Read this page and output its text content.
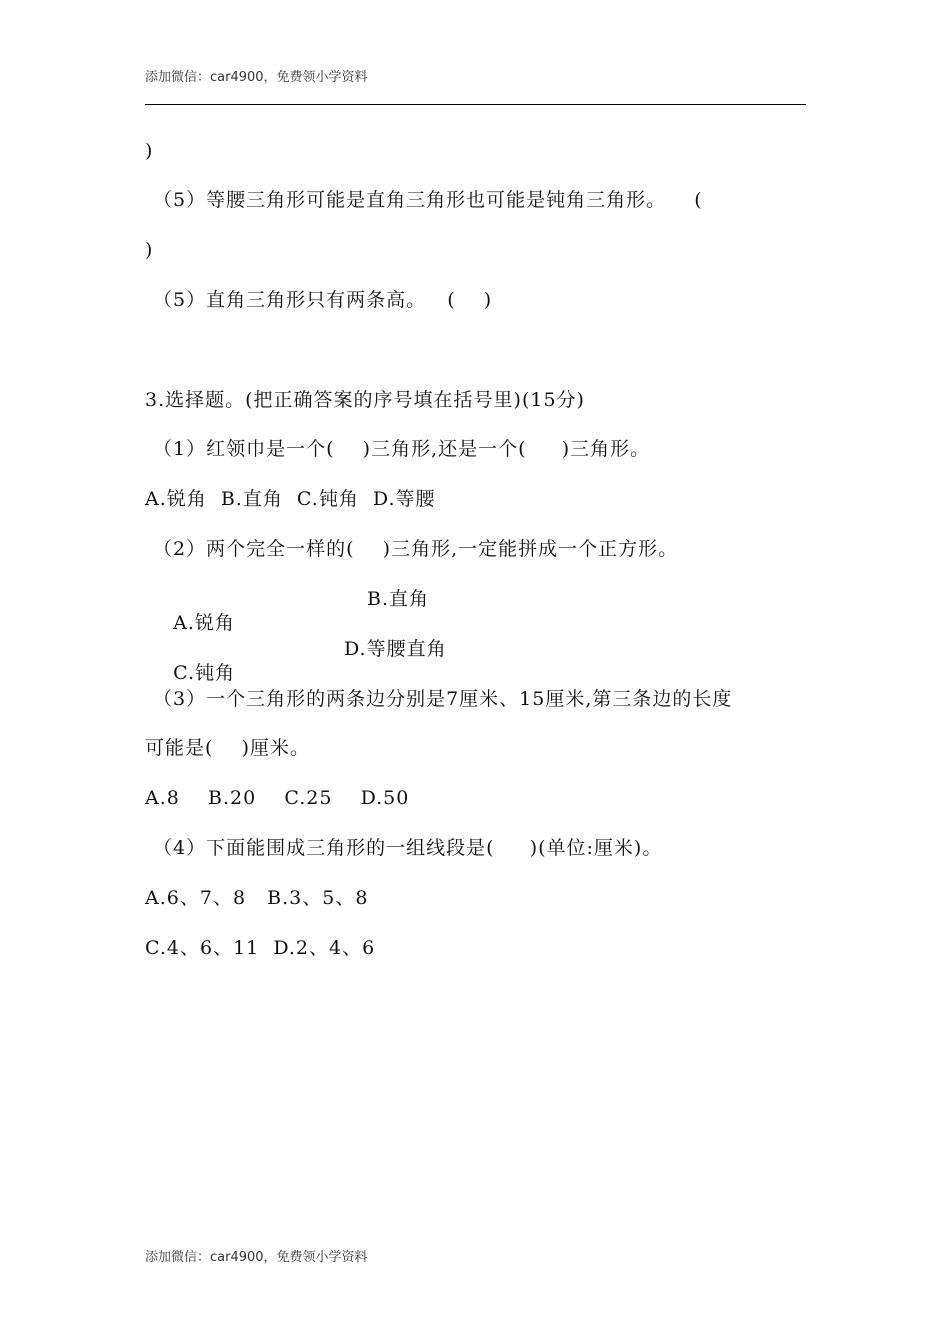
添加微信：car4900，免费领小学资料
)
（5）等腰三角形可能是直角三角形也可能是钝角三角形。    (
)
（5）直角三角形只有两条高。   (    )
3.选择题。(把正确答案的序号填在括号里)(15分)
（1）红领巾是一个(    )三角形,还是一个(     )三角形。
A.锐角  B.直角  C.钝角  D.等腰
（2）两个完全一样的(    )三角形,一定能拼成一个正方形。

A.锐角

B.直角

C.钝角

D.等腰直角

（3）一个三角形的两条边分别是7厘米、15厘米,第三条边的长度
可能是(    )厘米。
A.8    B.20    C.25    D.50
（4）下面能围成三角形的一组线段是(     )(单位:厘米)。
A.6、7、8   B.3、5、8
C.4、6、11  D.2、4、6
添加微信：car4900，免费领小学资料
